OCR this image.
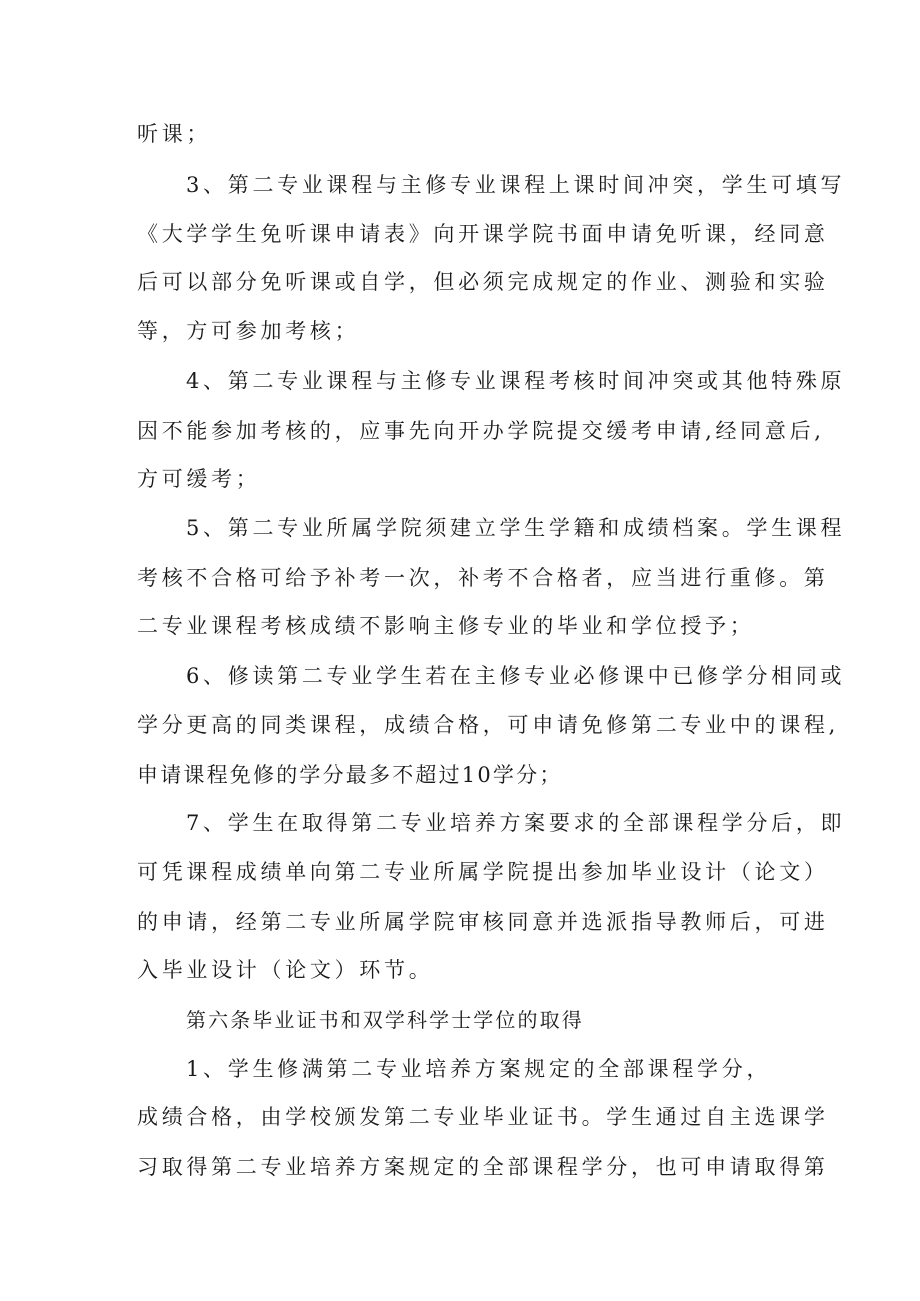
听课；
3、第二专业课程与主修专业课程上课时间冲突，学生可填写
《大学学生免听课申请表》向开课学院书面申请免听课，经同意
后可以部分免听课或自学，但必须完成规定的作业、测验和实验
等，方可参加考核；
4、第二专业课程与主修专业课程考核时间冲突或其他特殊原
因不能参加考核的，应事先向开办学院提交缓考申请,经同意后,
方可缓考；
5、第二专业所属学院须建立学生学籍和成绩档案。学生课程
考核不合格可给予补考一次，补考不合格者，应当进行重修。第
二专业课程考核成绩不影响主修专业的毕业和学位授予；
6、修读第二专业学生若在主修专业必修课中已修学分相同或
学分更高的同类课程，成绩合格，可申请免修第二专业中的课程,
申请课程免修的学分最多不超过10学分；
7、学生在取得第二专业培养方案要求的全部课程学分后，即
可凭课程成绩单向第二专业所属学院提出参加毕业设计（论文）
的申请，经第二专业所属学院审核同意并选派指导教师后，可进
入毕业设计（论文）环节。
第六条毕业证书和双学科学士学位的取得
1、学生修满第二专业培养方案规定的全部课程学分，
成绩合格，由学校颁发第二专业毕业证书。学生通过自主选课学
习取得第二专业培养方案规定的全部课程学分，也可申请取得第
